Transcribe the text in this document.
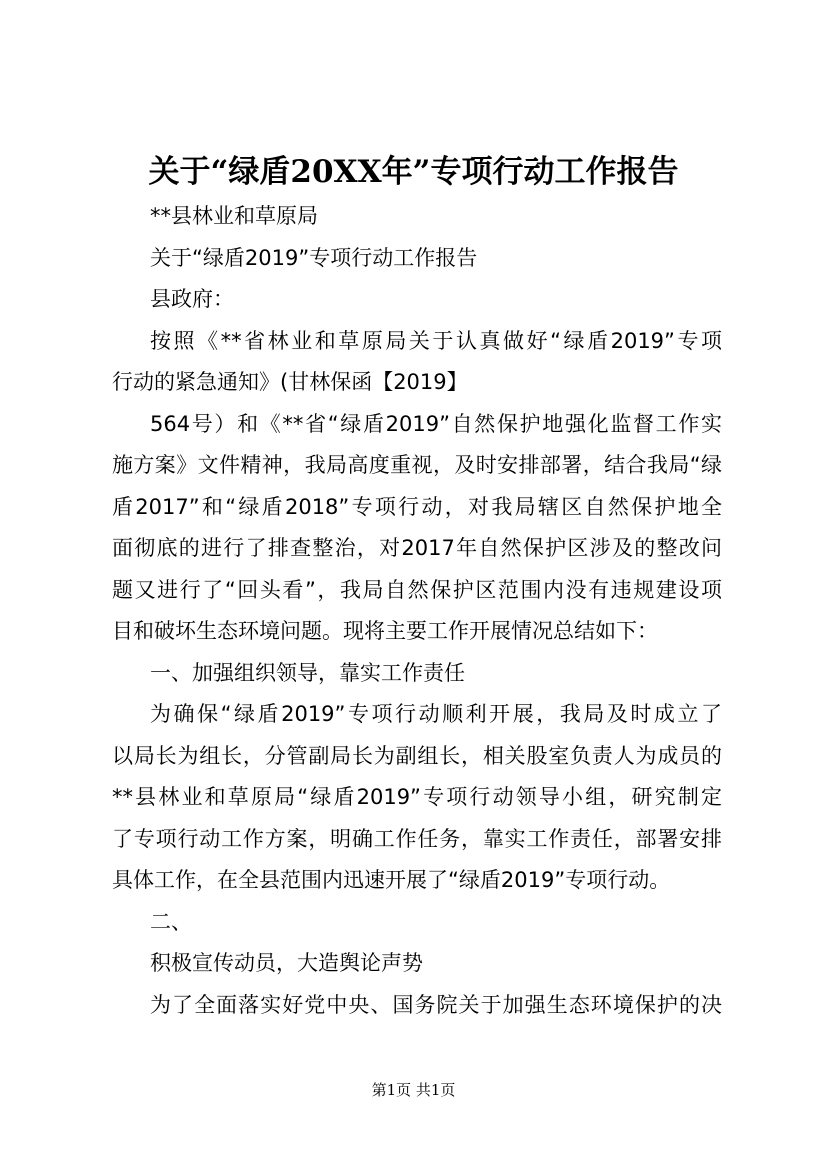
关于“绿盾20XX年”专项行动工作报告
**县林业和草原局
关于“绿盾2019”专项行动工作报告
县政府：
按照《**省林业和草原局关于认真做好“绿盾2019”专项
行动的紧急通知》(甘林保函【2019】
564号）和《**省“绿盾2019”自然保护地强化监督工作实
施方案》文件精神，我局高度重视，及时安排部署，结合我局“绿
盾2017”和“绿盾2018”专项行动，对我局辖区自然保护地全
面彻底的进行了排查整治，对2017年自然保护区涉及的整改问
题又进行了“回头看”，我局自然保护区范围内没有违规建设项
目和破坏生态环境问题。现将主要工作开展情况总结如下：
一、加强组织领导，靠实工作责任
为确保“绿盾2019”专项行动顺利开展，我局及时成立了
以局长为组长，分管副局长为副组长，相关股室负责人为成员的
**县林业和草原局“绿盾2019”专项行动领导小组，研究制定
了专项行动工作方案，明确工作任务，靠实工作责任，部署安排
具体工作，在全县范围内迅速开展了“绿盾2019”专项行动。
二、
积极宣传动员，大造舆论声势
为了全面落实好党中央、国务院关于加强生态环境保护的决
第1页 共1页
